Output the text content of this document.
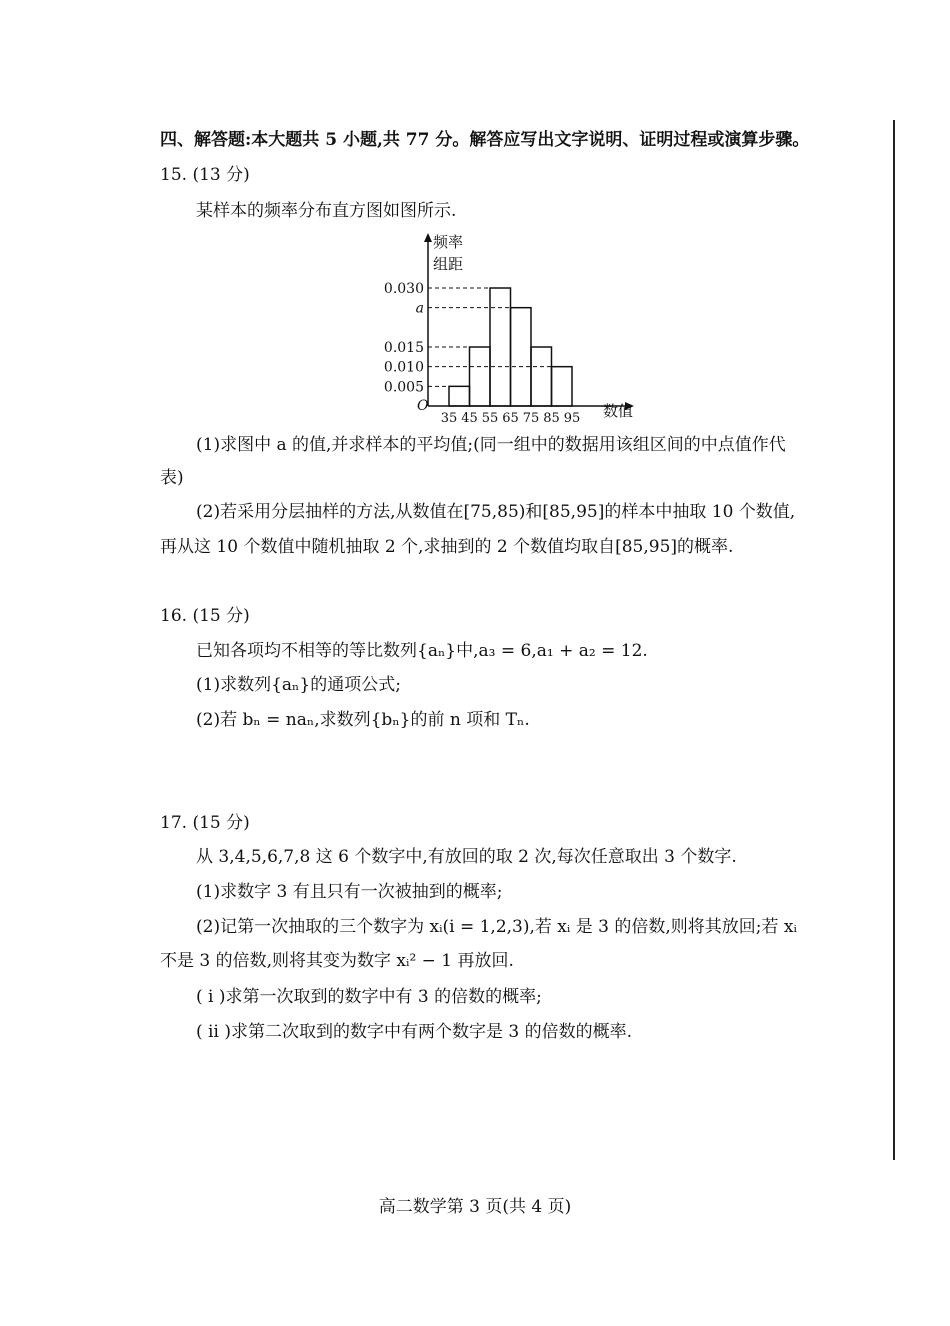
四、解答题:本大题共 5 小题,共 77 分。解答应写出文字说明、证明过程或演算步骤。
15. (13 分)
某样本的频率分布直方图如图所示.
频率
组距
0.005
0.010
0.015
a
0.030
35 45 55 65 75 85 95
O	数值
(1)求图中 a 的值,并求样本的平均值;(同一组中的数据用该组区间的中点值作代
表)
(2)若采用分层抽样的方法,从数值在[75,85)和[85,95]的样本中抽取 10 个数值,
再从这 10 个数值中随机抽取 2 个,求抽到的 2 个数值均取自[85,95]的概率.
16. (15 分)
已知各项均不相等的等比数列{aₙ}中,a₃ = 6,a₁ + a₂ = 12.
(1)求数列{aₙ}的通项公式;
(2)若 bₙ = naₙ,求数列{bₙ}的前 n 项和 Tₙ.
17. (15 分)
从 3,4,5,6,7,8 这 6 个数字中,有放回的取 2 次,每次任意取出 3 个数字.
(1)求数字 3 有且只有一次被抽到的概率;
(2)记第一次抽取的三个数字为 xᵢ(i = 1,2,3),若 xᵢ 是 3 的倍数,则将其放回;若 xᵢ
不是 3 的倍数,则将其变为数字 xᵢ² − 1 再放回.
( ⅰ )求第一次取到的数字中有 3 的倍数的概率;
( ⅱ )求第二次取到的数字中有两个数字是 3 的倍数的概率.
高二数学第 3 页(共 4 页)
